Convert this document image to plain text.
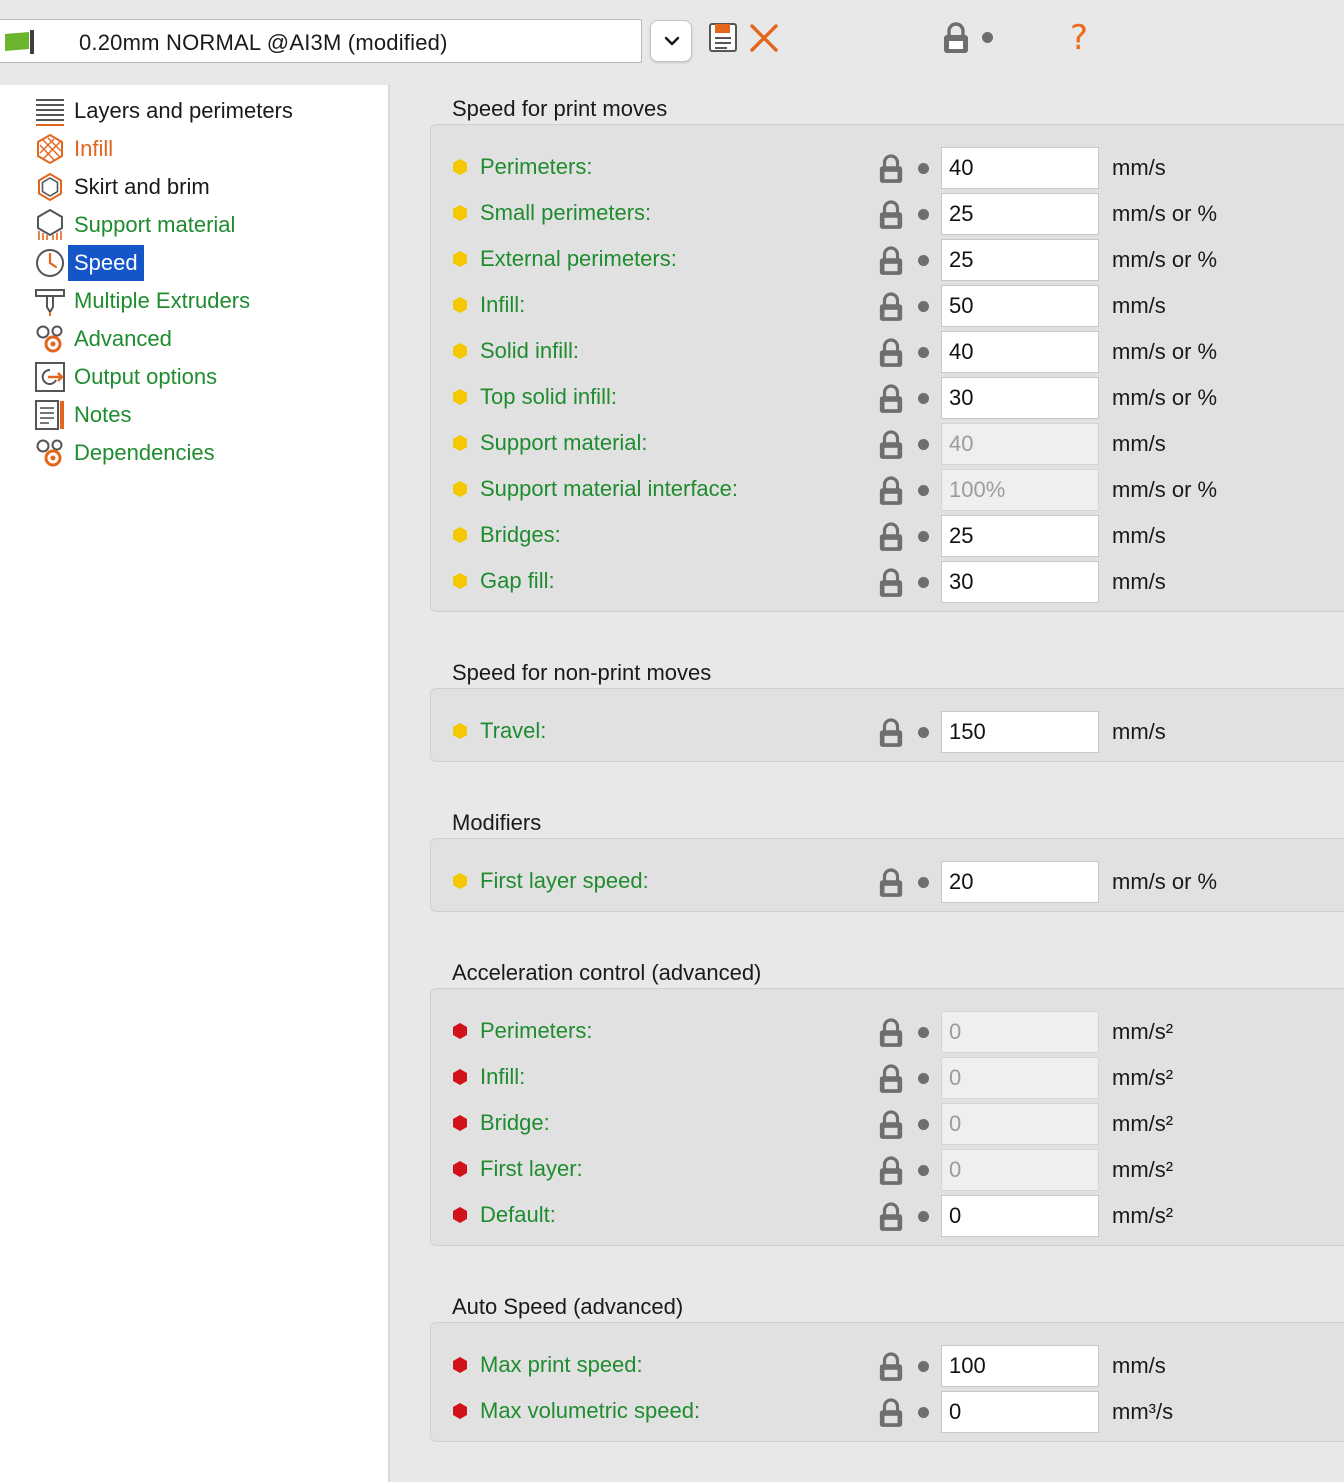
0.20mm NORMAL @AI3M (modified)	?
Layers and perimeters
Infill
Skirt and brim
Support material
Speed
Multiple Extruders
Advanced
Output options
Notes
Dependencies
Speed for print moves
Perimeters:
40	mm/s
Small perimeters:
25	mm/s or %
External perimeters:
25	mm/s or %
Infill:
50	mm/s
Solid infill:
40	mm/s or %
Top solid infill:
30	mm/s or %
Support material:
40	mm/s
Support material interface:
100%	mm/s or %
Bridges:
25	mm/s
Gap fill:
30	mm/s
Speed for non-print moves
Travel:
150	mm/s
Modifiers
First layer speed:
20	mm/s or %
Acceleration control (advanced)
Perimeters:
0	mm/s²
Infill:
0	mm/s²
Bridge:
0	mm/s²
First layer:
0	mm/s²
Default:
0	mm/s²
Auto Speed (advanced)
Max print speed:
100	mm/s
Max volumetric speed:
0	mm³/s
